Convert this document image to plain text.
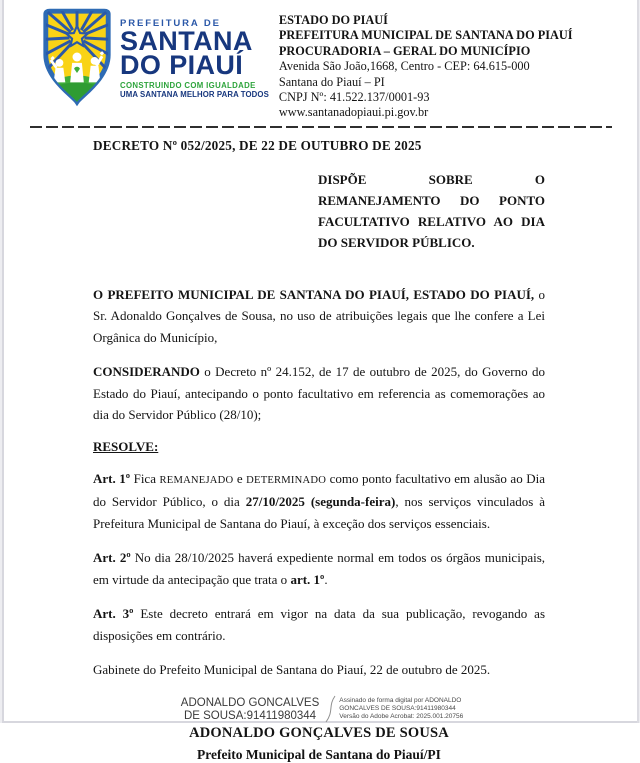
PREFEITURA DE
SANTANA
DO PIAUÍ
CONSTRUINDO COM IGUALDADE
UMA SANTANA MELHOR PARA TODOS
ESTADO DO PIAUÍ
PREFEITURA MUNICIPAL DE SANTANA DO PIAUÍ
PROCURADORIA – GERAL DO MUNICÍPIO
Avenida São João,1668, Centro - CEP: 64.615-000
Santana do Piauí – PI
CNPJ Nº: 41.522.137/0001-93
www.santanadopiaui.pi.gov.br
DECRETO Nº 052/2025, DE 22 DE OUTUBRO DE 2025
DISPÕE SOBRE O REMANEJAMENTO DO PONTO FACULTATIVO RELATIVO AO DIA DO SERVIDOR PÚBLICO.

O PREFEITO MUNICIPAL DE SANTANA DO PIAUÍ, ESTADO DO PIAUÍ, o Sr. Adonaldo Gonçalves de Sousa, no uso de atribuições legais que lhe confere a Lei Orgânica do Município,

CONSIDERANDO o Decreto nº 24.152, de 17 de outubro de 2025, do Governo do Estado do Piauí, antecipando o ponto facultativo em referencia as comemorações ao dia do Servidor Público (28/10);

RESOLVE:

Art. 1º Fica REMANEJADO e DETERMINADO como ponto facultativo em alusão ao Dia do Servidor Público, o dia 27/10/2025 (segunda-feira), nos serviços vinculados à Prefeitura Municipal de Santana do Piauí, à exceção dos serviços essenciais.

Art. 2º No dia 28/10/2025 haverá expediente normal em todos os órgãos municipais, em virtude da antecipação que trata o art. 1º.

Art. 3º Este decreto entrará em vigor na data da sua publicação, revogando as disposições em contrário.

Gabinete do Prefeito Municipal de Santana do Piauí, 22 de outubro de 2025.

ADONALDO GONCALVES
DE SOUSA:91411980344
Assinado de forma digital por ADONALDO
GONCALVES DE SOUSA:91411980344
Versão do Adobe Acrobat: 2025.001.20756
ADONALDO GONÇALVES DE SOUSA
Prefeito Municipal de Santana do Piauí/PI
